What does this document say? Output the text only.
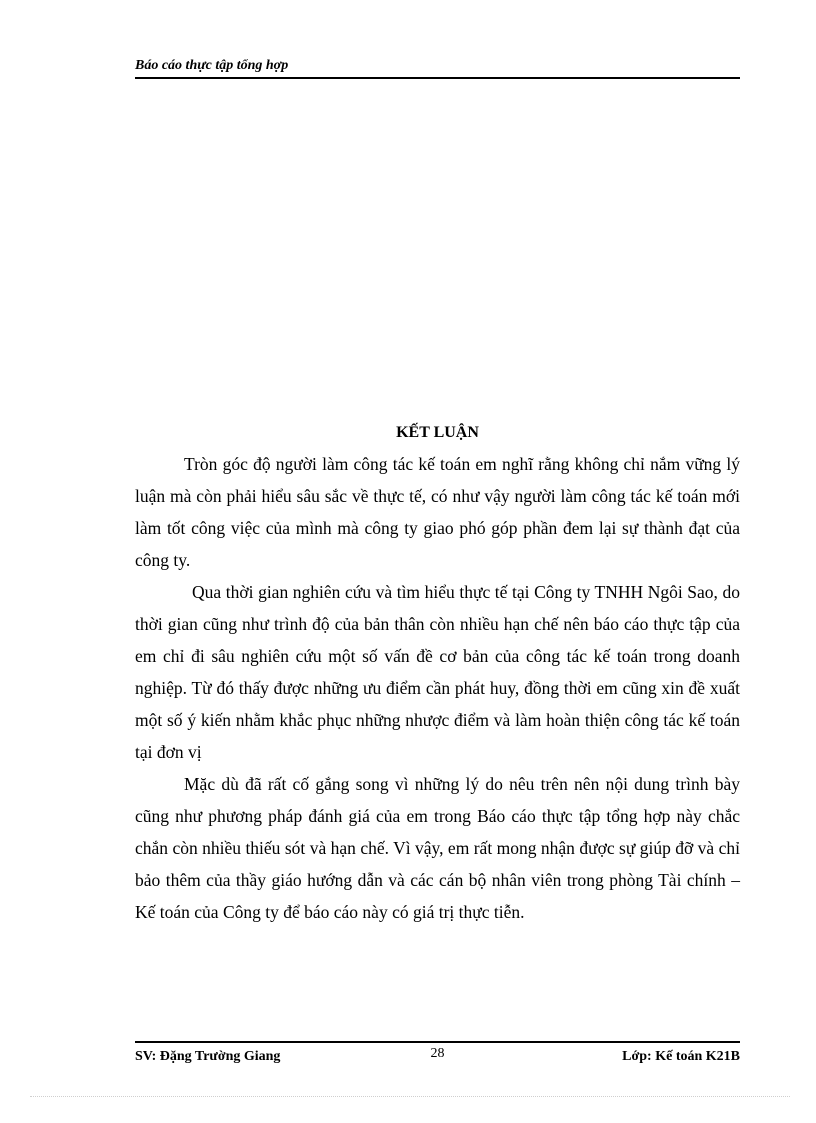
Báo cáo thực tập tổng hợp
KẾT LUẬN

Tròn góc độ người làm công tác kế toán em nghĩ rằng không chỉ nắm vững lý luận mà còn phải hiểu sâu sắc về thực tế, có như vậy người làm công tác kế toán mới làm tốt công việc của mình mà công ty giao phó góp phần đem lại sự thành đạt của công ty.

Qua thời gian nghiên cứu và tìm hiểu thực tế tại Công ty TNHH Ngôi Sao, do thời gian cũng như trình độ của bản thân còn nhiều hạn chế nên báo cáo thực tập của em chỉ đi sâu nghiên cứu một số vấn đề cơ bản của công tác kế toán trong doanh nghiệp. Từ đó thấy được những ưu điểm cần phát huy, đồng thời em cũng xin đề xuất một số ý kiến nhằm khắc phục những nhược điểm và làm hoàn thiện công tác kế toán tại đơn vị

Mặc dù đã rất cố gắng song vì những lý do nêu trên nên nội dung trình bày cũng như phương pháp đánh giá của em trong Báo cáo thực tập tổng hợp này chắc chắn còn nhiều thiếu sót và hạn chế. Vì vậy, em rất mong nhận được sự giúp đỡ và chỉ bảo thêm của thầy giáo hướng dẫn và các cán bộ nhân viên trong phòng Tài chính – Kế toán của Công ty để báo cáo này có giá trị thực tiễn.

SV: Đặng Trường Giang	28	Lớp: Kế toán K21B
